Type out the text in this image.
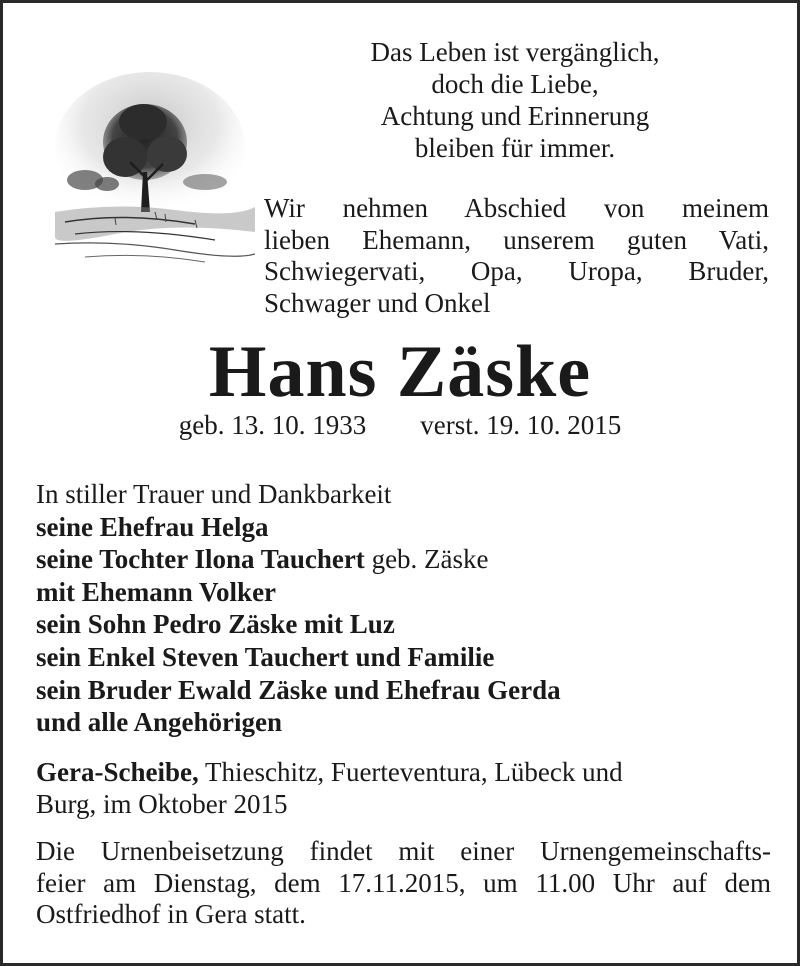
Das Leben ist vergänglich,
doch die Liebe,
Achtung und Erinnerung
bleiben für immer.
Wir nehmen Abschied von meinem
lieben Ehemann, unserem guten Vati,
Schwiegervati, Opa, Uropa, Bruder,
Schwager und Onkel
Hans Zäske
geb. 13. 10. 1933 verst. 19. 10. 2015
In stiller Trauer und Dankbarkeit
seine Ehefrau Helga
seine Tochter Ilona Tauchert geb. Zäske
mit Ehemann Volker
sein Sohn Pedro Zäske mit Luz
sein Enkel Steven Tauchert und Familie
sein Bruder Ewald Zäske und Ehefrau Gerda
und alle Angehörigen
Gera-Scheibe, Thieschitz, Fuerteventura, Lübeck und
Burg, im Oktober 2015
Die Urnenbeisetzung findet mit einer Urnengemeinschafts-
feier am Dienstag, dem 17.11.2015, um 11.00 Uhr auf dem
Ostfriedhof in Gera statt.
